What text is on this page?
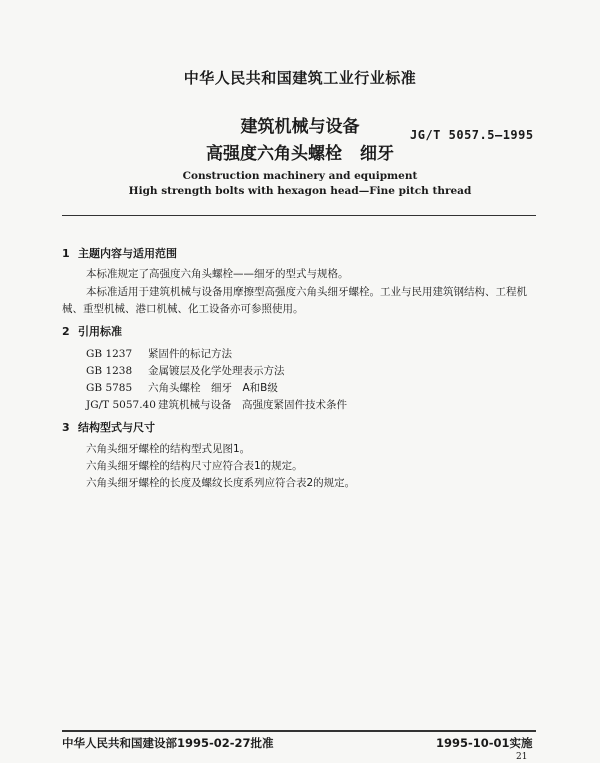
中华人民共和国建筑工业行业标准
建筑机械与设备
高强度六角头螺栓 细牙
JG/T 5057.5—1995
Construction machinery and equipment
High strength bolts with hexagon head—Fine pitch thread
1 主题内容与适用范围
本标准规定了高强度六角头螺栓——细牙的型式与规格。
本标准适用于建筑机械与设备用摩擦型高强度六角头细牙螺栓。工业与民用建筑钢结构、工程机
械、重型机械、港口机械、化工设备亦可参照使用。
2 引用标准
GB 1237 紧固件的标记方法
GB 1238 金属镀层及化学处理表示方法
GB 5785 六角头螺栓　细牙　A和B级
JG/T 5057.40 建筑机械与设备　高强度紧固件技术条件
3 结构型式与尺寸
六角头细牙螺栓的结构型式见图1。
六角头细牙螺栓的结构尺寸应符合表1的规定。
六角头细牙螺栓的长度及螺纹长度系列应符合表2的规定。
中华人民共和国建设部1995-02-27批准	1995-10-01实施
21
